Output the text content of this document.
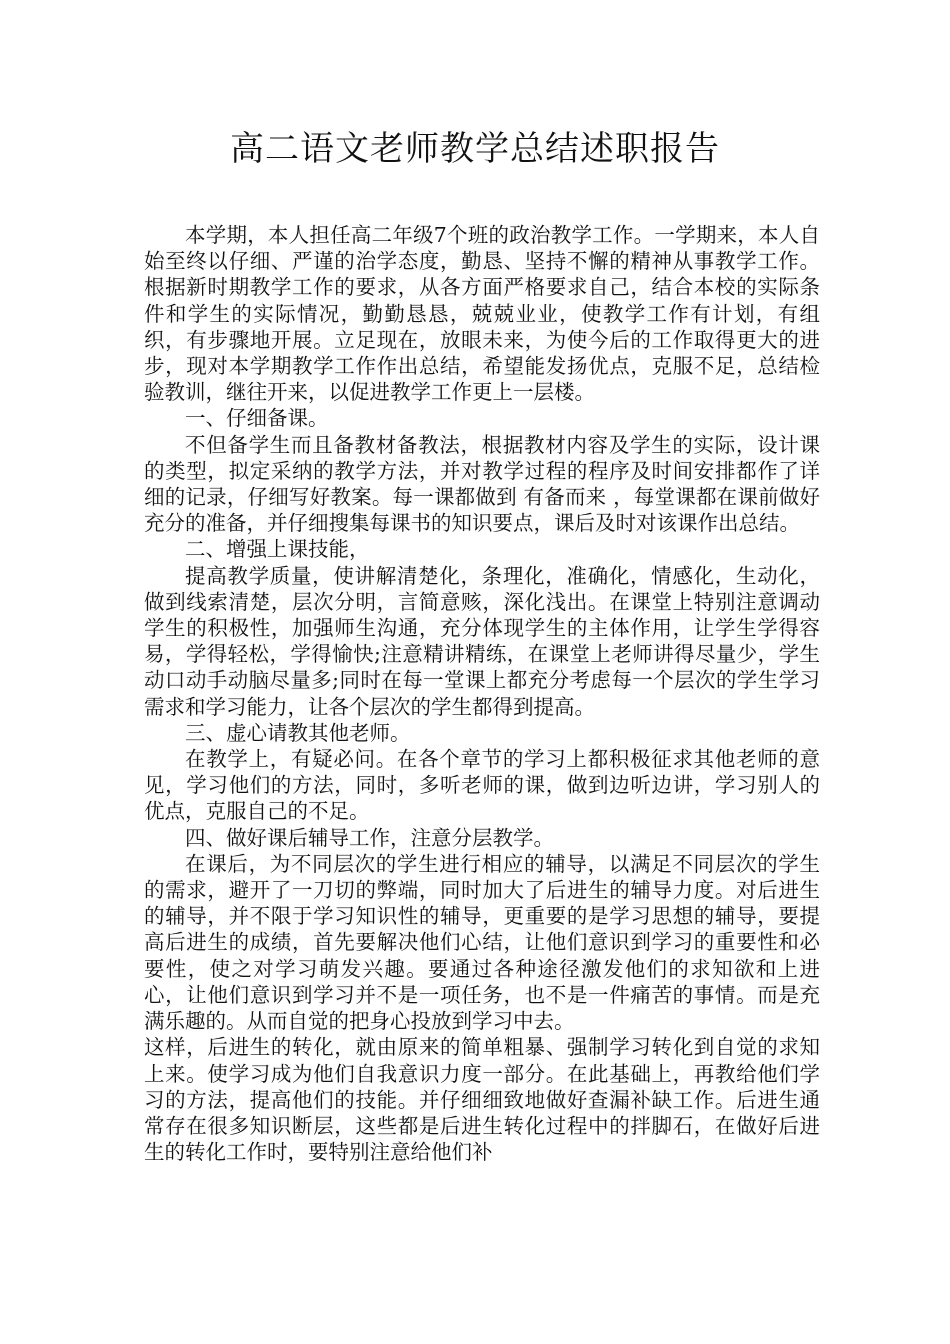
高二语文老师教学总结述职报告

本学期，本人担任高二年级7个班的政治教学工作。一学期来，本人自始至终以仔细、严谨的治学态度，勤恳、坚持不懈的精神从事教学工作。根据新时期教学工作的要求，从各方面严格要求自己，结合本校的实际条件和学生的实际情况，勤勤恳恳，兢兢业业，使教学工作有计划，有组织，有步骤地开展。立足现在，放眼未来，为使今后的工作取得更大的进步，现对本学期教学工作作出总结，希望能发扬优点，克服不足，总结检验教训，继往开来，以促进教学工作更上一层楼。

一、仔细备课。

不但备学生而且备教材备教法，根据教材内容及学生的实际，设计课的类型，拟定采纳的教学方法，并对教学过程的程序及时间安排都作了详细的记录，仔细写好教案。每一课都做到 有备而来 ，每堂课都在课前做好充分的准备，并仔细搜集每课书的知识要点，课后及时对该课作出总结。

二、增强上课技能，

提高教学质量，使讲解清楚化，条理化，准确化，情感化，生动化，做到线索清楚，层次分明，言简意赅，深化浅出。在课堂上特别注意调动学生的积极性，加强师生沟通，充分体现学生的主体作用，让学生学得容易，学得轻松，学得愉快;注意精讲精练，在课堂上老师讲得尽量少，学生动口动手动脑尽量多;同时在每一堂课上都充分考虑每一个层次的学生学习需求和学习能力，让各个层次的学生都得到提高。

三、虚心请教其他老师。

在教学上，有疑必问。在各个章节的学习上都积极征求其他老师的意见，学习他们的方法，同时，多听老师的课，做到边听边讲，学习别人的优点，克服自己的不足。

四、做好课后辅导工作，注意分层教学。

在课后，为不同层次的学生进行相应的辅导，以满足不同层次的学生的需求，避开了一刀切的弊端，同时加大了后进生的辅导力度。对后进生的辅导，并不限于学习知识性的辅导，更重要的是学习思想的辅导，要提高后进生的成绩，首先要解决他们心结，让他们意识到学习的重要性和必要性，使之对学习萌发兴趣。要通过各种途径激发他们的求知欲和上进心，让他们意识到学习并不是一项任务，也不是一件痛苦的事情。而是充满乐趣的。从而自觉的把身心投放到学习中去。

这样，后进生的转化，就由原来的简单粗暴、强制学习转化到自觉的求知上来。使学习成为他们自我意识力度一部分。在此基础上，再教给他们学习的方法，提高他们的技能。并仔细细致地做好查漏补缺工作。后进生通常存在很多知识断层，这些都是后进生转化过程中的拌脚石，在做好后进生的转化工作时，要特别注意给他们补
